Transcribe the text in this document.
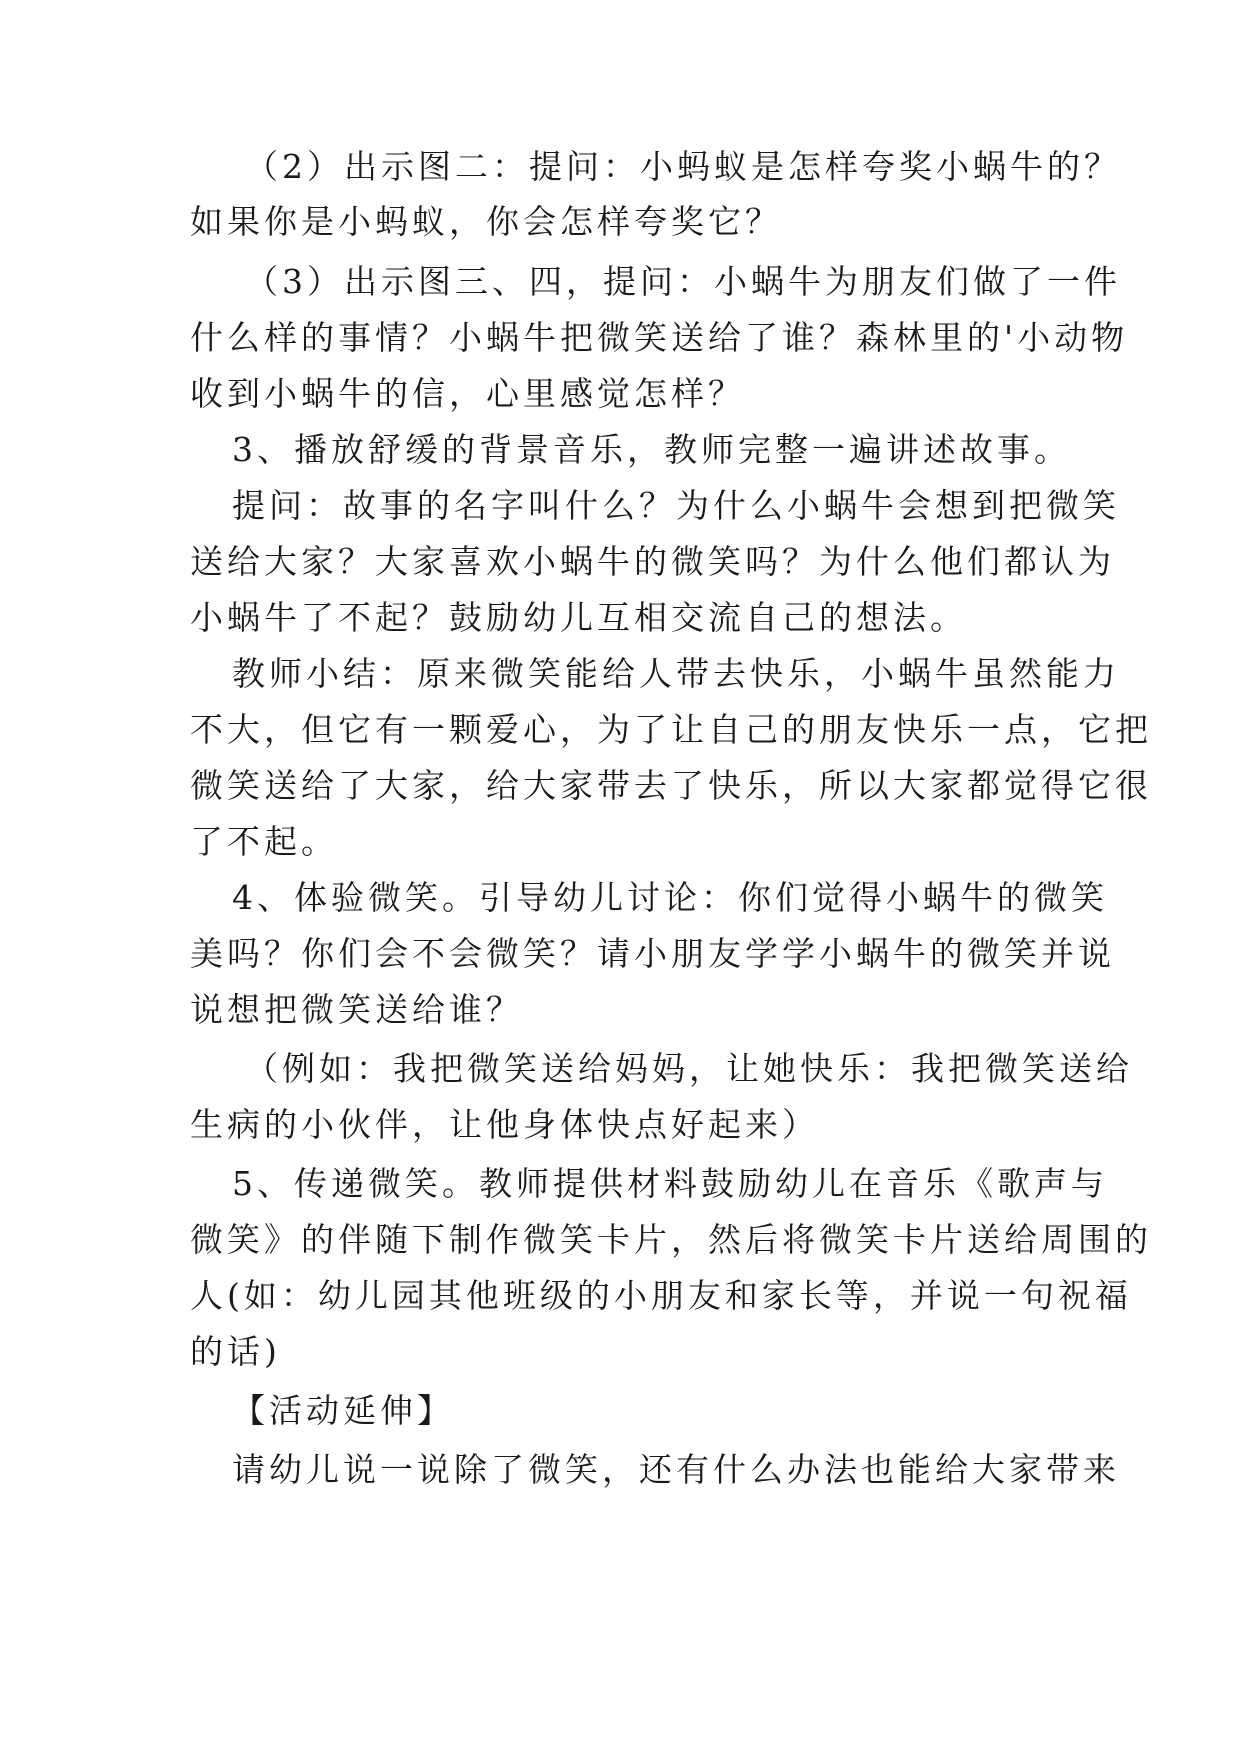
（2）出示图二：提问：小蚂蚁是怎样夸奖小蜗牛的？
如果你是小蚂蚁，你会怎样夸奖它？
（3）出示图三、四，提问：小蜗牛为朋友们做了一件
什么样的事情？小蜗牛把微笑送给了谁？森林里的'小动物
收到小蜗牛的信，心里感觉怎样？
3、播放舒缓的背景音乐，教师完整一遍讲述故事。
提问：故事的名字叫什么？为什么小蜗牛会想到把微笑
送给大家？大家喜欢小蜗牛的微笑吗？为什么他们都认为
小蜗牛了不起？鼓励幼儿互相交流自己的想法。
教师小结：原来微笑能给人带去快乐，小蜗牛虽然能力
不大，但它有一颗爱心，为了让自己的朋友快乐一点，它把
微笑送给了大家，给大家带去了快乐，所以大家都觉得它很
了不起。
4、体验微笑。引导幼儿讨论：你们觉得小蜗牛的微笑
美吗？你们会不会微笑？请小朋友学学小蜗牛的微笑并说
说想把微笑送给谁？
（例如：我把微笑送给妈妈，让她快乐：我把微笑送给
生病的小伙伴，让他身体快点好起来）
5、传递微笑。教师提供材料鼓励幼儿在音乐《歌声与
微笑》的伴随下制作微笑卡片，然后将微笑卡片送给周围的
人(如：幼儿园其他班级的小朋友和家长等，并说一句祝福
的话)
【活动延伸】
请幼儿说一说除了微笑，还有什么办法也能给大家带来
